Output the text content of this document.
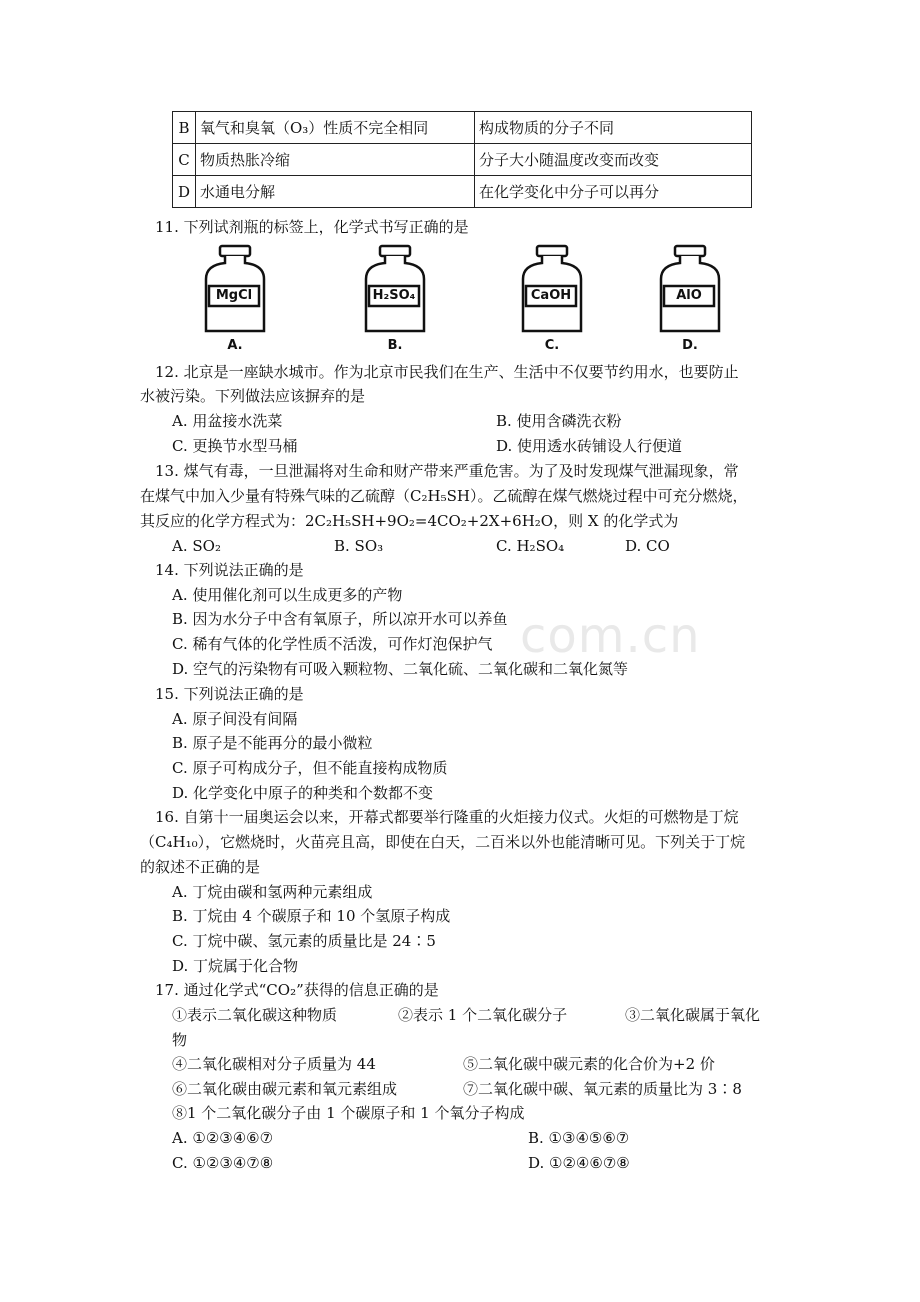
B	氧气和臭氧（O₃）性质不完全相同	构成物质的分子不同
C	物质热胀冷缩	分子大小随温度改变而改变
D	水通电分解	在化学变化中分子可以再分
11. 下列试剂瓶的标签上，化学式书写正确的是
MgCl
A.
H₂SO₄
B.
CaOH
C.
AlO
D.
12. 北京是一座缺水城市。作为北京市民我们在生产、生活中不仅要节约用水，也要防止
水被污染。下列做法应该摒弃的是
A. 用盆接水洗菜	B. 使用含磷洗衣粉
C. 更换节水型马桶	D. 使用透水砖铺设人行便道
13. 煤气有毒，一旦泄漏将对生命和财产带来严重危害。为了及时发现煤气泄漏现象，常
在煤气中加入少量有特殊气味的乙硫醇（C₂H₅SH）。乙硫醇在煤气燃烧过程中可充分燃烧，
其反应的化学方程式为：2C₂H₅SH+9O₂=4CO₂+2X+6H₂O，则 X 的化学式为
A. SO₂	B. SO₃	C. H₂SO₄	D. CO
14. 下列说法正确的是
A. 使用催化剂可以生成更多的产物
B. 因为水分子中含有氧原子，所以凉开水可以养鱼
C. 稀有气体的化学性质不活泼，可作灯泡保护气
D. 空气的污染物有可吸入颗粒物、二氧化硫、二氧化碳和二氧化氮等
com.cn
15. 下列说法正确的是
A. 原子间没有间隔
B. 原子是不能再分的最小微粒
C. 原子可构成分子，但不能直接构成物质
D. 化学变化中原子的种类和个数都不变
16. 自第十一届奥运会以来，开幕式都要举行隆重的火炬接力仪式。火炬的可燃物是丁烷
（C₄H₁₀），它燃烧时，火苗亮且高，即使在白天，二百米以外也能清晰可见。下列关于丁烷
的叙述不正确的是
A. 丁烷由碳和氢两种元素组成
B. 丁烷由 4 个碳原子和 10 个氢原子构成
C. 丁烷中碳、氢元素的质量比是 24∶5
D. 丁烷属于化合物
17. 通过化学式“CO₂”获得的信息正确的是
①表示二氧化碳这种物质	②表示 1 个二氧化碳分子	③二氧化碳属于氧化
物
④二氧化碳相对分子质量为 44	⑤二氧化碳中碳元素的化合价为+2 价
⑥二氧化碳由碳元素和氧元素组成	⑦二氧化碳中碳、氧元素的质量比为 3∶8
⑧1 个二氧化碳分子由 1 个碳原子和 1 个氧分子构成
A. ①②③④⑥⑦	B. ①③④⑤⑥⑦
C. ①②③④⑦⑧	D. ①②④⑥⑦⑧
